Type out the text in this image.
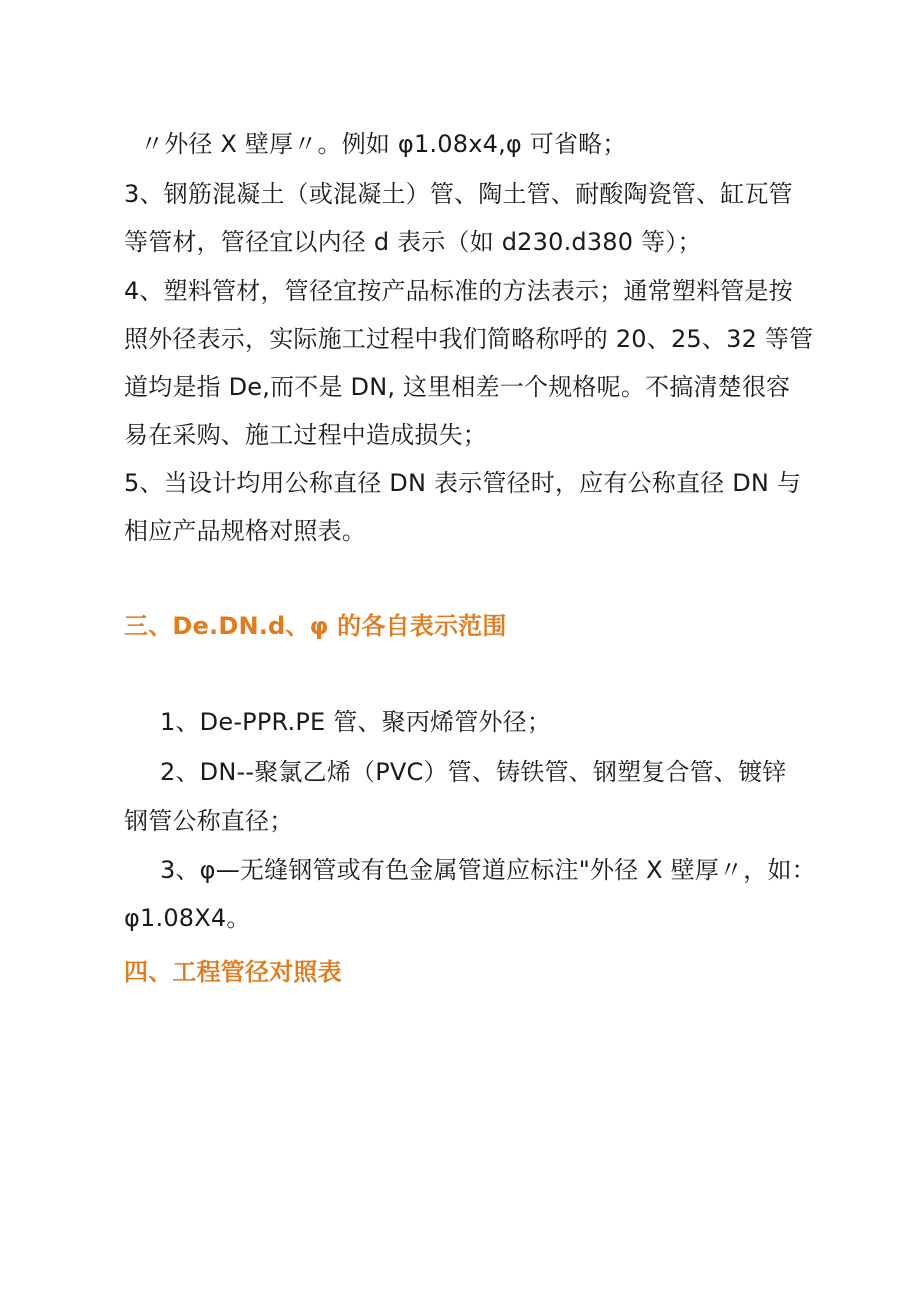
〃外径 X 壁厚〃。例如 φ1.08x4,φ 可省略；
3、钢筋混凝土（或混凝土）管、陶土管、耐酸陶瓷管、缸瓦管
等管材，管径宜以内径 d 表示（如 d230.d380 等）；
4、塑料管材，管径宜按产品标准的方法表示；通常塑料管是按
照外径表示，实际施工过程中我们简略称呼的 20、25、32 等管
道均是指 De,而不是 DN, 这里相差一个规格呢。不搞清楚很容
易在采购、施工过程中造成损失；
5、当设计均用公称直径 DN 表示管径时，应有公称直径 DN 与
相应产品规格对照表。
三、De.DN.d、φ 的各自表示范围
1、De-PPR.PE 管、聚丙烯管外径；
2、DN--聚氯乙烯（PVC）管、铸铁管、钢塑复合管、镀锌
钢管公称直径；
3、φ—无缝钢管或有色金属管道应标注"外径 X 壁厚〃，如：
φ1.08X4。
四、工程管径对照表
